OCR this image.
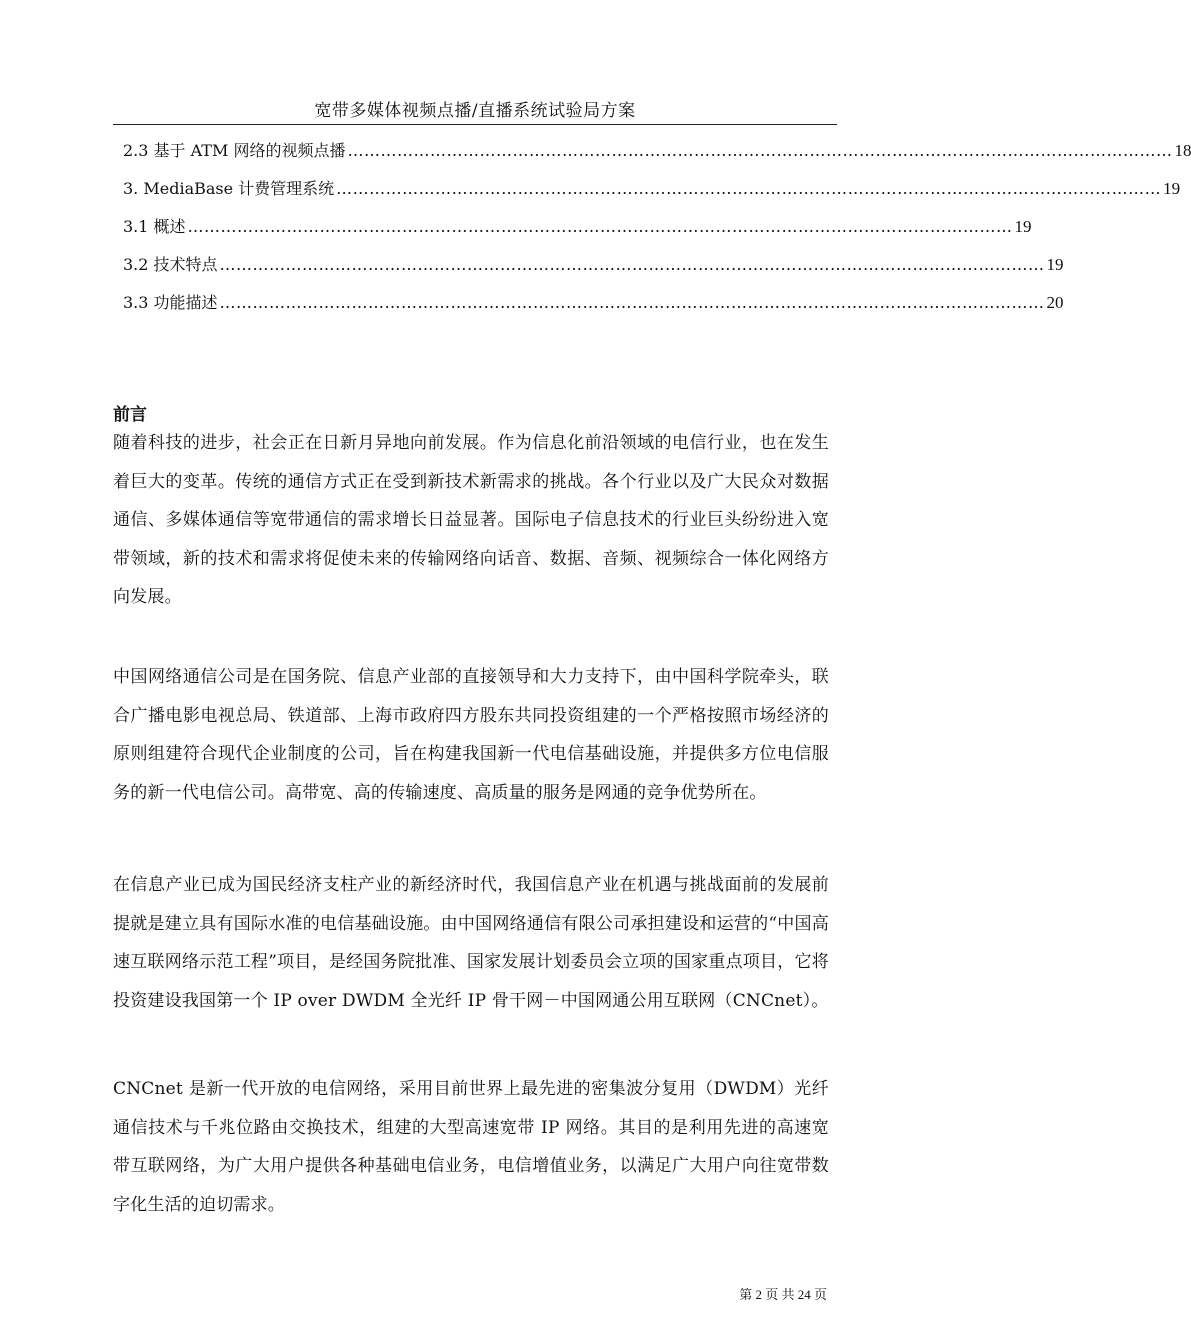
宽带多媒体视频点播/直播系统试验局方案
2.3 基于 ATM 网络的视频点播 …………………………………………………………………………………………………………………………………… 18
3. MediaBase 计费管理系统 …………………………………………………………………………………………………………………………………… 19
3.1 概述 …………………………………………………………………………………………………………………………………… 19
3.2 技术特点 …………………………………………………………………………………………………………………………………… 19
3.3 功能描述 …………………………………………………………………………………………………………………………………… 20
前言
随着科技的进步，社会正在日新月异地向前发展。作为信息化前沿领域的电信行业，也在发生着巨大的变革。传统的通信方式正在受到新技术新需求的挑战。各个行业以及广大民众对数据通信、多媒体通信等宽带通信的需求增长日益显著。国际电子信息技术的行业巨头纷纷进入宽带领域，新的技术和需求将促使未来的传输网络向话音、数据、音频、视频综合一体化网络方向发展。
中国网络通信公司是在国务院、信息产业部的直接领导和大力支持下，由中国科学院牵头，联合广播电影电视总局、铁道部、上海市政府四方股东共同投资组建的一个严格按照市场经济的原则组建符合现代企业制度的公司，旨在构建我国新一代电信基础设施，并提供多方位电信服务的新一代电信公司。高带宽、高的传输速度、高质量的服务是网通的竞争优势所在。
在信息产业已成为国民经济支柱产业的新经济时代，我国信息产业在机遇与挑战面前的发展前提就是建立具有国际水准的电信基础设施。由中国网络通信有限公司承担建设和运营的“中国高速互联网络示范工程”项目，是经国务院批准、国家发展计划委员会立项的国家重点项目，它将投资建设我国第一个 IP over DWDM 全光纤 IP 骨干网－中国网通公用互联网（CNCnet）。
CNCnet 是新一代开放的电信网络，采用目前世界上最先进的密集波分复用（DWDM）光纤通信技术与千兆位路由交换技术，组建的大型高速宽带 IP 网络。其目的是利用先进的高速宽带互联网络，为广大用户提供各种基础电信业务，电信增值业务，以满足广大用户向往宽带数字化生活的迫切需求。
第 2 页 共 24 页
